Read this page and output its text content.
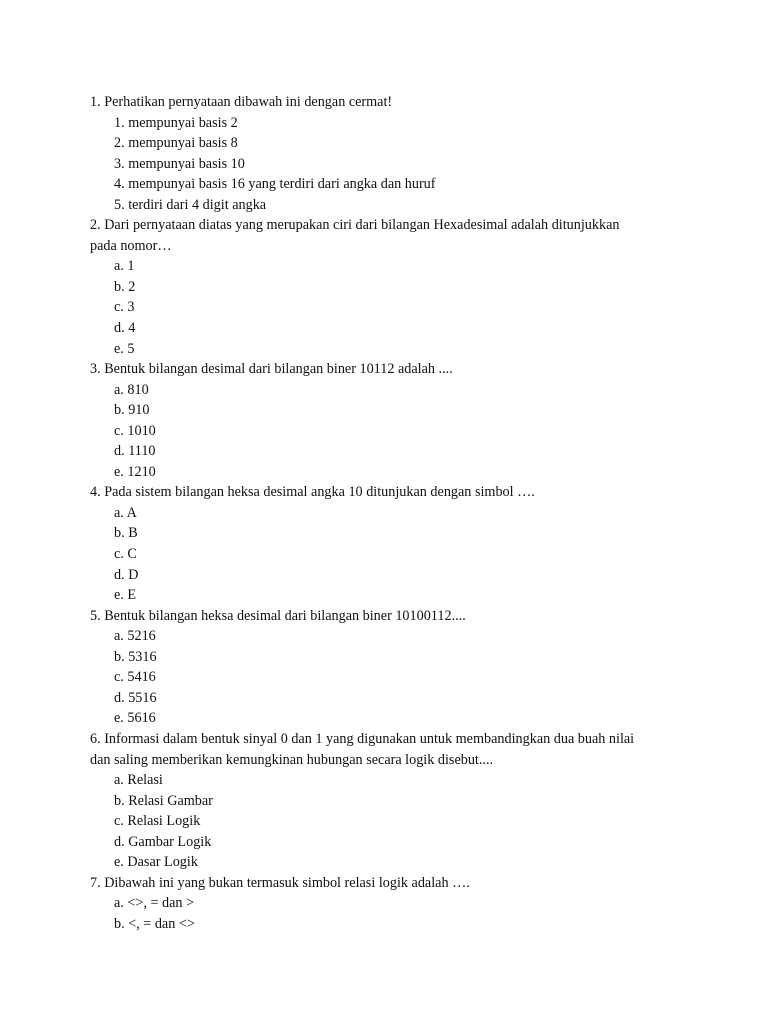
1. Perhatikan pernyataan dibawah ini dengan cermat!
1. mempunyai basis 2
2. mempunyai basis 8
3. mempunyai basis 10
4. mempunyai basis 16 yang terdiri dari angka dan huruf
5. terdiri dari 4 digit angka
2. Dari pernyataan diatas yang merupakan ciri dari bilangan Hexadesimal adalah ditunjukkan
pada nomor…
a. 1
b. 2
c. 3
d. 4
e. 5
3. Bentuk bilangan desimal dari bilangan biner 10112 adalah ....
a. 810
b. 910
c. 1010
d. 1110
e. 1210
4. Pada sistem bilangan heksa desimal angka 10 ditunjukan dengan simbol ….
a. A
b. B
c. C
d. D
e. E
5. Bentuk bilangan heksa desimal dari bilangan biner 10100112....
a. 5216
b. 5316
c. 5416
d. 5516
e. 5616
6. Informasi dalam bentuk sinyal 0 dan 1 yang digunakan untuk membandingkan dua buah nilai
dan saling memberikan kemungkinan hubungan secara logik disebut....
a. Relasi
b. Relasi Gambar
c. Relasi Logik
d. Gambar Logik
e. Dasar Logik
7. Dibawah ini yang bukan termasuk simbol relasi logik adalah ….
a. <>, = dan >
b. <, = dan <>
